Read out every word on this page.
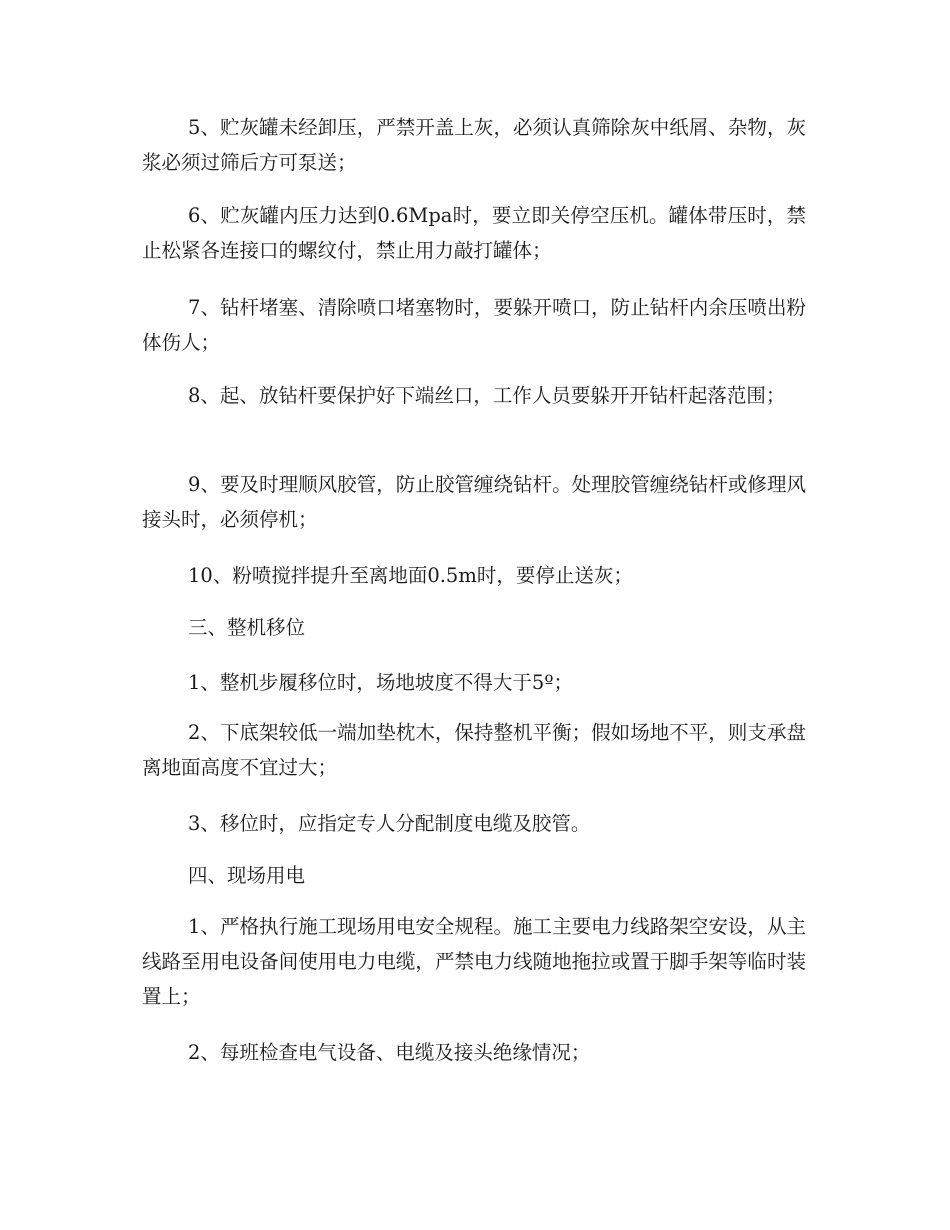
5、贮灰罐未经卸压，严禁开盖上灰，必须认真筛除灰中纸屑、杂物，灰浆必须过筛后方可泵送；

6、贮灰罐内压力达到0.6Mpa时，要立即关停空压机。罐体带压时，禁止松紧各连接口的螺纹付，禁止用力敲打罐体；

7、钻杆堵塞、清除喷口堵塞物时，要躲开喷口，防止钻杆内余压喷出粉体伤人；

8、起、放钻杆要保护好下端丝口，工作人员要躲开开钻杆起落范围；

9、要及时理顺风胶管，防止胶管缠绕钻杆。处理胶管缠绕钻杆或修理风接头时，必须停机；

10、粉喷搅拌提升至离地面0.5m时，要停止送灰；

三、整机移位

1、整机步履移位时，场地坡度不得大于5º；

2、下底架较低一端加垫枕木，保持整机平衡；假如场地不平，则支承盘离地面高度不宜过大；

3、移位时，应指定专人分配制度电缆及胶管。

四、现场用电

1、严格执行施工现场用电安全规程。施工主要电力线路架空安设，从主线路至用电设备间使用电力电缆，严禁电力线随地拖拉或置于脚手架等临时装置上；

2、每班检查电气设备、电缆及接头绝缘情况；
